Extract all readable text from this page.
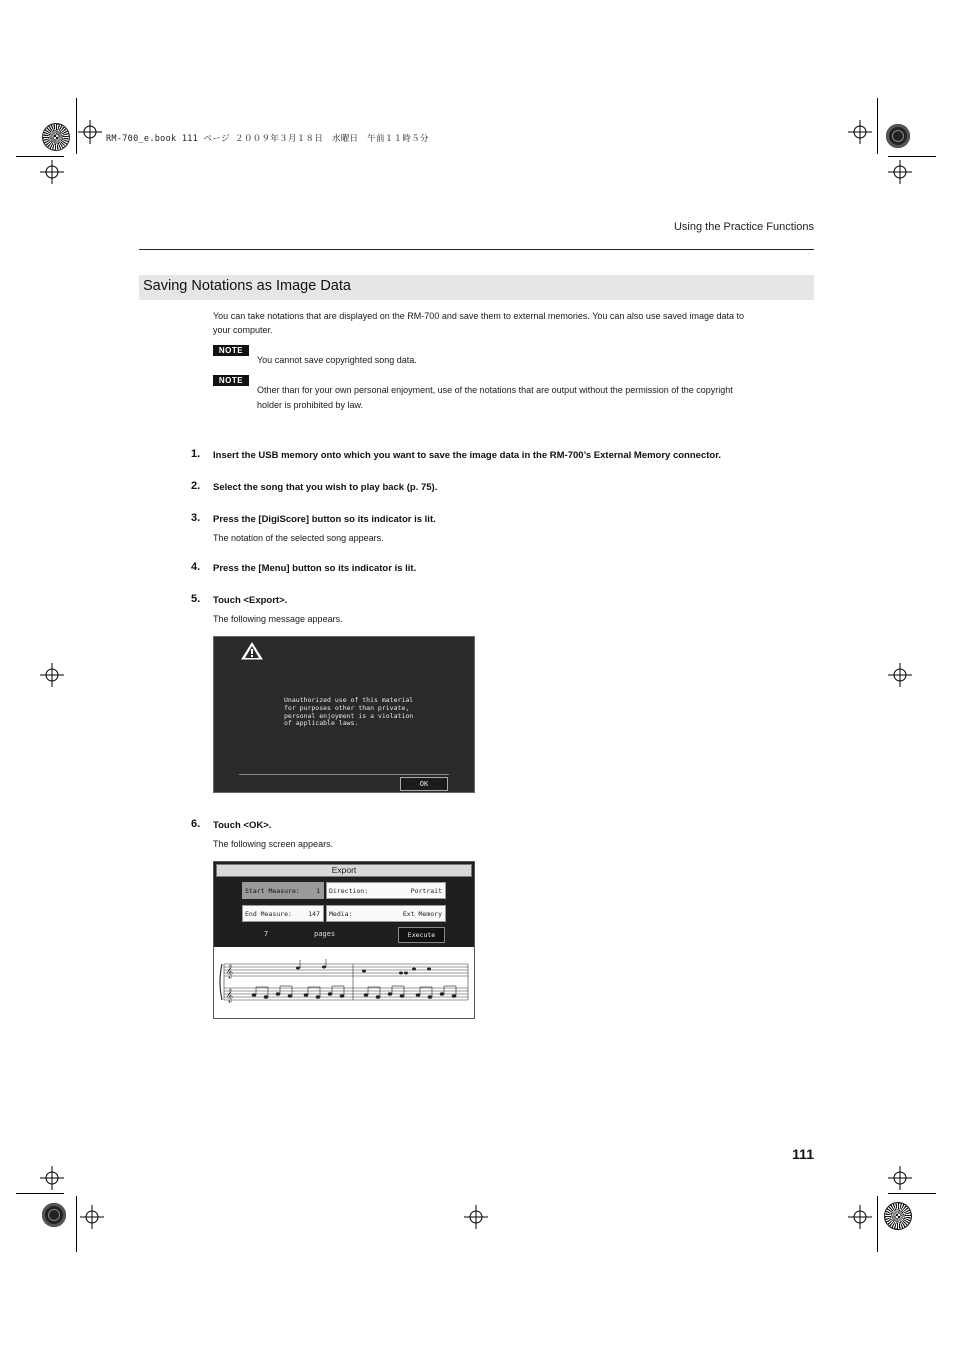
RM-700_e.book 111 ページ ２００９年３月１８日　水曜日　午前１１時５分
Using the Practice Functions
Saving Notations as Image Data
You can take notations that are displayed on the RM-700 and save them to external memories. You can also use saved image data to
your computer.
NOTE
You cannot save copyrighted song data.
NOTE
Other than for your own personal enjoyment, use of the notations that are output without the permission of the copyright
holder is prohibited by law.
1. Insert the USB memory onto which you want to save the image data in the RM-700’s External Memory connector.
2. Select the song that you wish to play back (p. 75).
3. Press the [DigiScore] button so its indicator is lit.
The notation of the selected song appears.
4. Press the [Menu] button so its indicator is lit.
5. Touch <Export>.
The following message appears.
Unauthorized use of this material
for purposes other than private,
personal enjoyment is a violation
of applicable laws.
OK
6. Touch <OK>.
The following screen appears.
Export
Start Measure:	1 Direction:	Portrait
End Measure:	147 Media:	Ext Memory
7	pages	Execute
𝄞
𝄞
111
